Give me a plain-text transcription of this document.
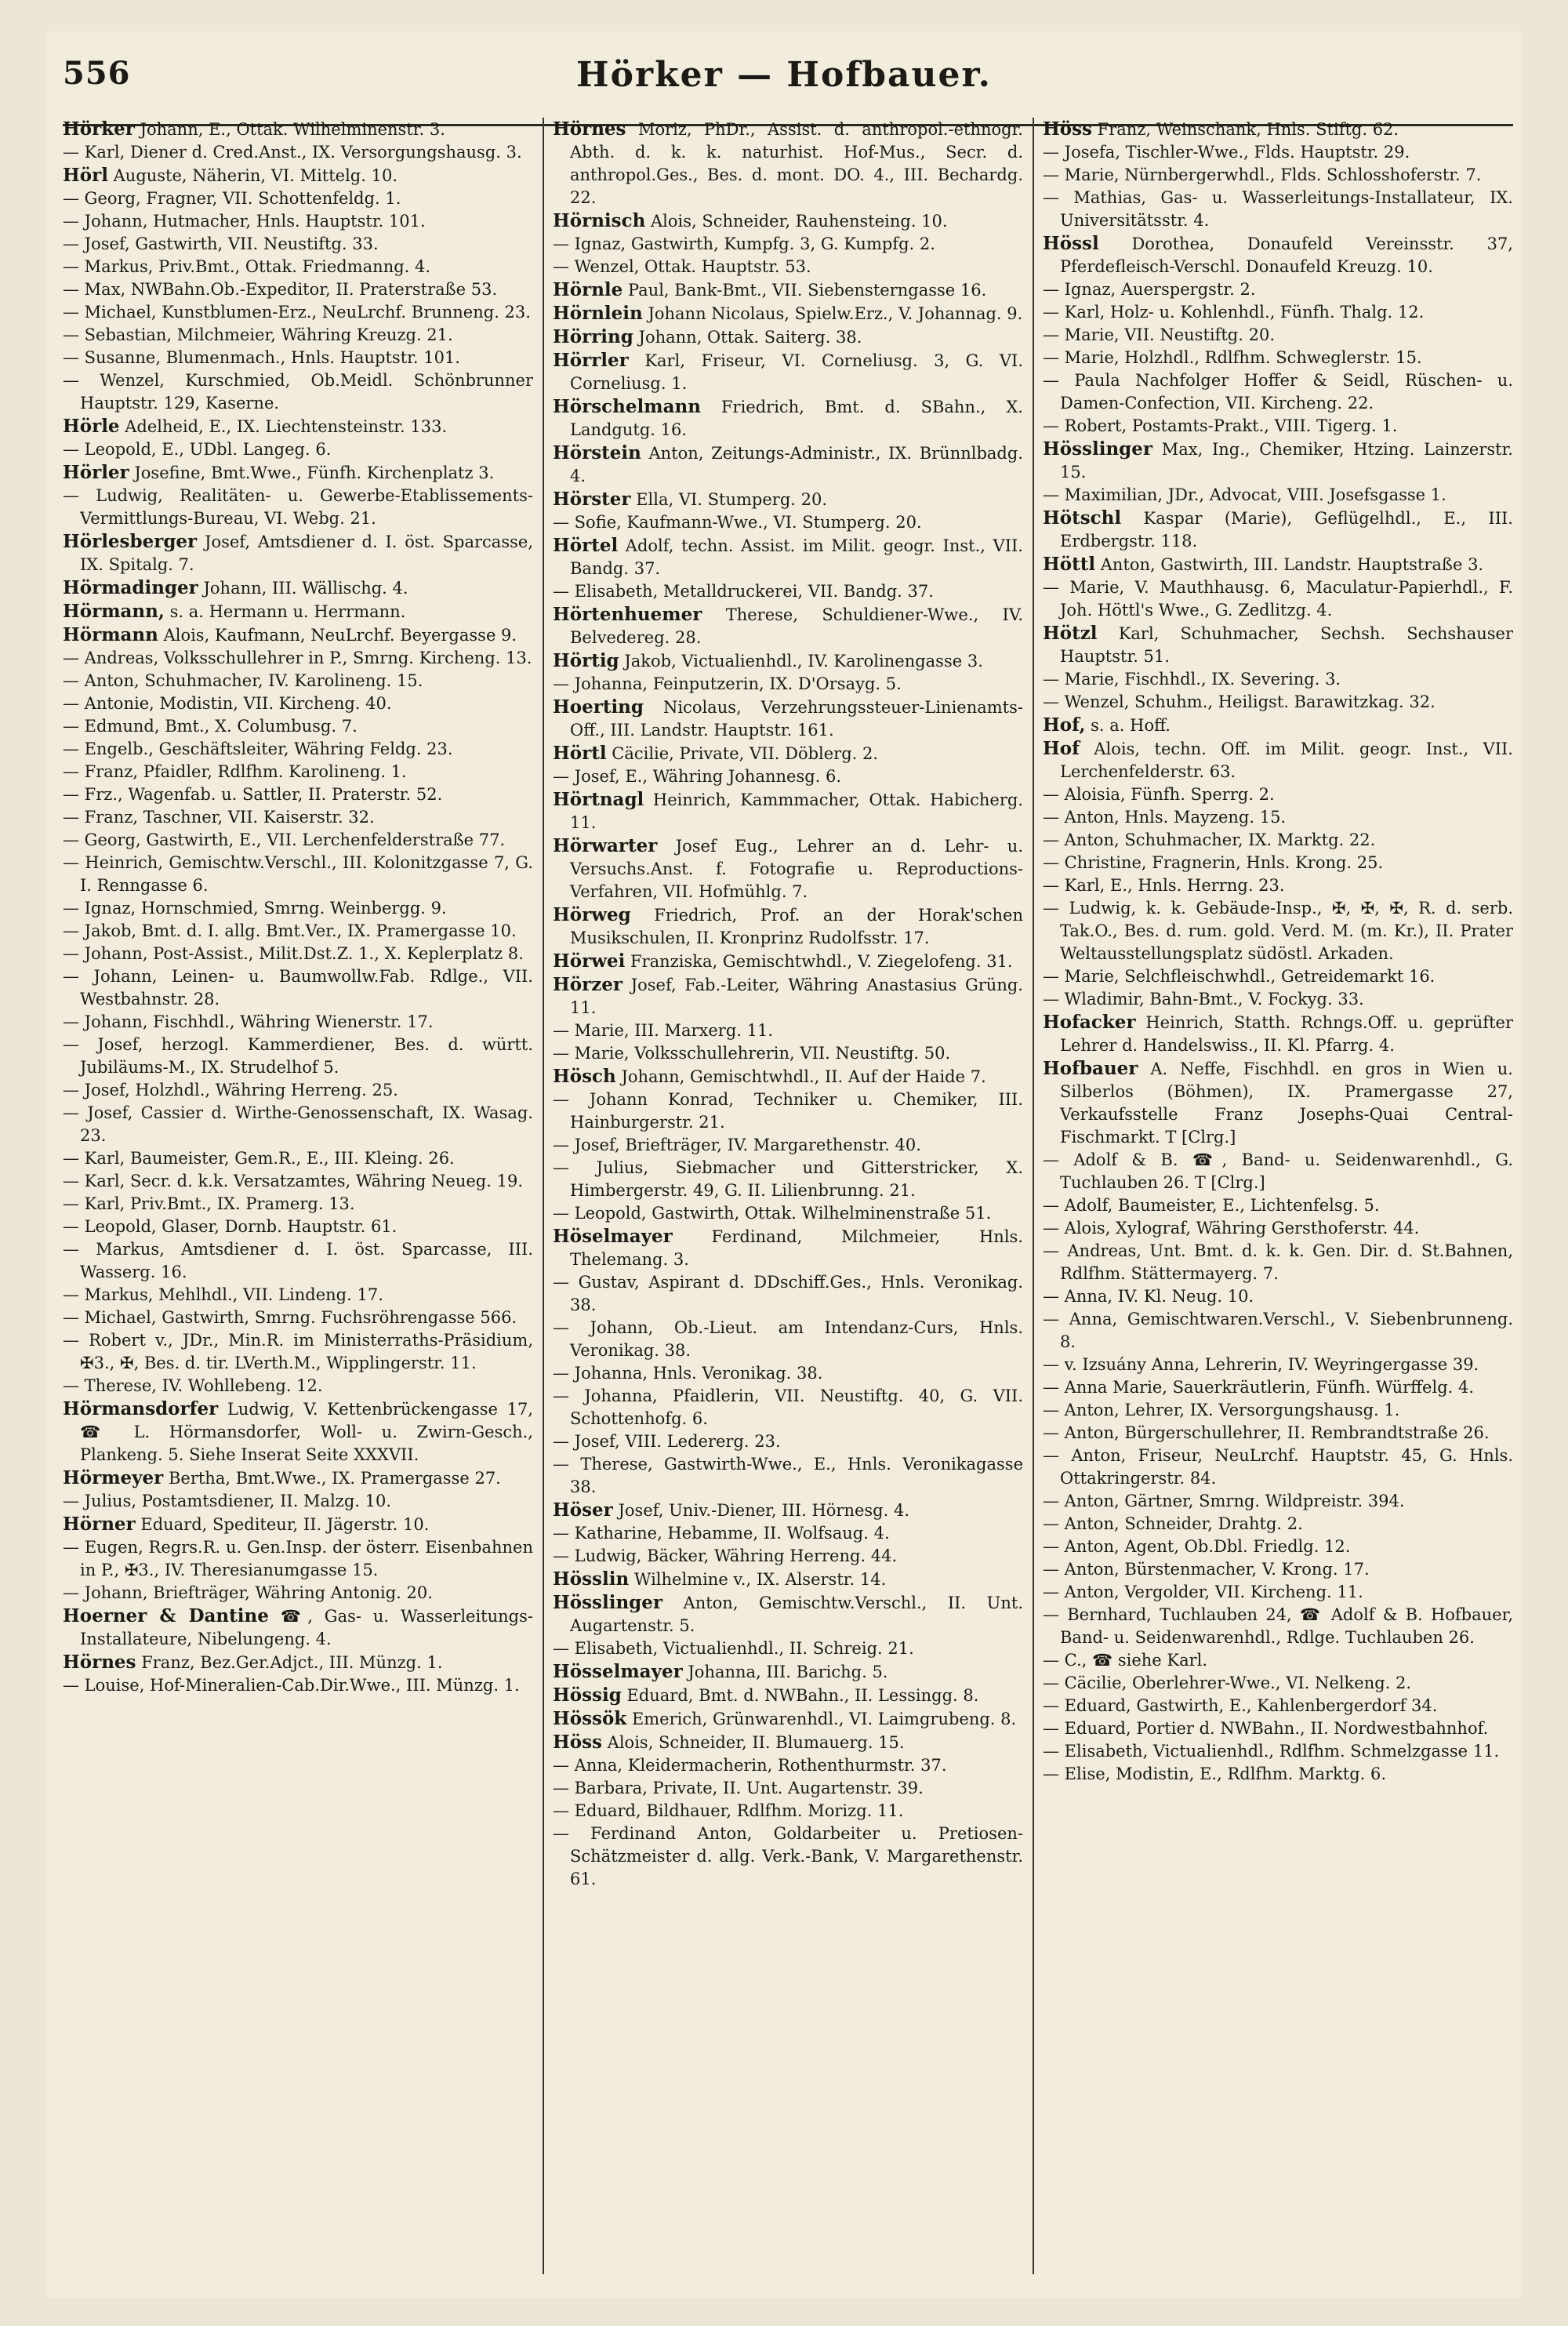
556	Hörker — Hofbauer.
Hörker Johann, E., Ottak. Wilhelminenstr. 3.
— Karl, Diener d. Cred.Anst., IX. Versorgungshausg. 3.
Hörl Auguste, Näherin, VI. Mittelg. 10.
— Georg, Fragner, VII. Schottenfeldg. 1.
— Johann, Hutmacher, Hnls. Hauptstr. 101.
— Josef, Gastwirth, VII. Neustiftg. 33.
— Markus, Priv.Bmt., Ottak. Friedmanng. 4.
— Max, NWBahn.Ob.-Expeditor, II. Praterstraße 53.
— Michael, Kunstblumen-Erz., NeuLrchf. Brunneng. 23.
— Sebastian, Milchmeier, Währing Kreuzg. 21.
— Susanne, Blumenmach., Hnls. Hauptstr. 101.
— Wenzel, Kurschmied, Ob.Meidl. Schönbrunner Hauptstr. 129, Kaserne.
Hörle Adelheid, E., IX. Liechtensteinstr. 133.
— Leopold, E., UDbl. Langeg. 6.
Hörler Josefine, Bmt.Wwe., Fünfh. Kirchenplatz 3.
— Ludwig, Realitäten- u. Gewerbe-Etablissements-Vermittlungs-Bureau, VI. Webg. 21.
Hörlesberger Josef, Amtsdiener d. I. öst. Sparcasse, IX. Spitalg. 7.
Hörmadinger Johann, III. Wällischg. 4.
Hörmann, s. a. Hermann u. Herrmann.
Hörmann Alois, Kaufmann, NeuLrchf. Beyergasse 9.
— Andreas, Volksschullehrer in P., Smrng. Kircheng. 13.
— Anton, Schuhmacher, IV. Karolineng. 15.
— Antonie, Modistin, VII. Kircheng. 40.
— Edmund, Bmt., X. Columbusg. 7.
— Engelb., Geschäftsleiter, Währing Feldg. 23.
— Franz, Pfaidler, Rdlfhm. Karolineng. 1.
— Frz., Wagenfab. u. Sattler, II. Praterstr. 52.
— Franz, Taschner, VII. Kaiserstr. 32.
— Georg, Gastwirth, E., VII. Lerchenfelderstraße 77.
— Heinrich, Gemischtw.Verschl., III. Kolonitzgasse 7, G. I. Renngasse 6.
— Ignaz, Hornschmied, Smrng. Weinbergg. 9.
— Jakob, Bmt. d. I. allg. Bmt.Ver., IX. Pramergasse 10.
— Johann, Post-Assist., Milit.Dst.Z. 1., X. Keplerplatz 8.
— Johann, Leinen- u. Baumwollw.Fab. Rdlge., VII. Westbahnstr. 28.
— Johann, Fischhdl., Währing Wienerstr. 17.
— Josef, herzogl. Kammerdiener, Bes. d. württ. Jubiläums-M., IX. Strudelhof 5.
— Josef, Holzhdl., Währing Herreng. 25.
— Josef, Cassier d. Wirthe-Genossenschaft, IX. Wasag. 23.
— Karl, Baumeister, Gem.R., E., III. Kleing. 26.
— Karl, Secr. d. k.k. Versatzamtes, Währing Neueg. 19.
— Karl, Priv.Bmt., IX. Pramerg. 13.
— Leopold, Glaser, Dornb. Hauptstr. 61.
— Markus, Amtsdiener d. I. öst. Sparcasse, III. Wasserg. 16.
— Markus, Mehlhdl., VII. Lindeng. 17.
— Michael, Gastwirth, Smrng. Fuchsröhrengasse 566.
— Robert v., JDr., Min.R. im Ministerraths-Präsidium, ✠3., ✠, Bes. d. tir. LVerth.M., Wipplingerstr. 11.
— Therese, IV. Wohllebeng. 12.
Hörmansdorfer Ludwig, V. Kettenbrückengasse 17, ☎ L. Hörmansdorfer, Woll- u. Zwirn-Gesch., Plankeng. 5. Siehe Inserat Seite XXXVII.
Hörmeyer Bertha, Bmt.Wwe., IX. Pramergasse 27.
— Julius, Postamtsdiener, II. Malzg. 10.
Hörner Eduard, Spediteur, II. Jägerstr. 10.
— Eugen, Regrs.R. u. Gen.Insp. der österr. Eisenbahnen in P., ✠3., IV. Theresianumgasse 15.
— Johann, Briefträger, Währing Antonig. 20.
Hoerner & Dantine ☎, Gas- u. Wasserleitungs-Installateure, Nibelungeng. 4.
Hörnes Franz, Bez.Ger.Adjct., III. Münzg. 1.
— Louise, Hof-Mineralien-Cab.Dir.Wwe., III. Münzg. 1.
Hörnes Moriz, PhDr., Assist. d. anthropol.-ethnogr. Abth. d. k. k. naturhist. Hof-Mus., Secr. d. anthropol.Ges., Bes. d. mont. DO. 4., III. Bechardg. 22.
Hörnisch Alois, Schneider, Rauhensteing. 10.
— Ignaz, Gastwirth, Kumpfg. 3, G. Kumpfg. 2.
— Wenzel, Ottak. Hauptstr. 53.
Hörnle Paul, Bank-Bmt., VII. Siebensterngasse 16.
Hörnlein Johann Nicolaus, Spielw.Erz., V. Johannag. 9.
Hörring Johann, Ottak. Saiterg. 38.
Hörrler Karl, Friseur, VI. Corneliusg. 3, G. VI. Corneliusg. 1.
Hörschelmann Friedrich, Bmt. d. SBahn., X. Landgutg. 16.
Hörstein Anton, Zeitungs-Administr., IX. Brünnlbadg. 4.
Hörster Ella, VI. Stumperg. 20.
— Sofie, Kaufmann-Wwe., VI. Stumperg. 20.
Hörtel Adolf, techn. Assist. im Milit. geogr. Inst., VII. Bandg. 37.
— Elisabeth, Metalldruckerei, VII. Bandg. 37.
Hörtenhuemer Therese, Schuldiener-Wwe., IV. Belvedereg. 28.
Hörtig Jakob, Victualienhdl., IV. Karolinengasse 3.
— Johanna, Feinputzerin, IX. D'Orsayg. 5.
Hoerting Nicolaus, Verzehrungssteuer-Linienamts-Off., III. Landstr. Hauptstr. 161.
Hörtl Cäcilie, Private, VII. Döblerg. 2.
— Josef, E., Währing Johannesg. 6.
Hörtnagl Heinrich, Kammmacher, Ottak. Habicherg. 11.
Hörwarter Josef Eug., Lehrer an d. Lehr- u. Versuchs.Anst. f. Fotografie u. Reproductions-Verfahren, VII. Hofmühlg. 7.
Hörweg Friedrich, Prof. an der Horak'schen Musikschulen, II. Kronprinz Rudolfsstr. 17.
Hörwei Franziska, Gemischtwhdl., V. Ziegelofeng. 31.
Hörzer Josef, Fab.-Leiter, Währing Anastasius Grüng. 11.
— Marie, III. Marxerg. 11.
— Marie, Volksschullehrerin, VII. Neustiftg. 50.
Hösch Johann, Gemischtwhdl., II. Auf der Haide 7.
— Johann Konrad, Techniker u. Chemiker, III. Hainburgerstr. 21.
— Josef, Briefträger, IV. Margarethenstr. 40.
— Julius, Siebmacher und Gitterstricker, X. Himbergerstr. 49, G. II. Lilienbrunng. 21.
— Leopold, Gastwirth, Ottak. Wilhelminenstraße 51.
Höselmayer Ferdinand, Milchmeier, Hnls. Thelemang. 3.
— Gustav, Aspirant d. DDschiff.Ges., Hnls. Veronikag. 38.
— Johann, Ob.-Lieut. am Intendanz-Curs, Hnls. Veronikag. 38.
— Johanna, Hnls. Veronikag. 38.
— Johanna, Pfaidlerin, VII. Neustiftg. 40, G. VII. Schottenhofg. 6.
— Josef, VIII. Ledererg. 23.
— Therese, Gastwirth-Wwe., E., Hnls. Veronikagasse 38.
Höser Josef, Univ.-Diener, III. Hörnesg. 4.
— Katharine, Hebamme, II. Wolfsaug. 4.
— Ludwig, Bäcker, Währing Herreng. 44.
Hösslin Wilhelmine v., IX. Alserstr. 14.
Hösslinger Anton, Gemischtw.Verschl., II. Unt. Augartenstr. 5.
— Elisabeth, Victualienhdl., II. Schreig. 21.
Hösselmayer Johanna, III. Barichg. 5.
Hössig Eduard, Bmt. d. NWBahn., II. Lessingg. 8.
Hössök Emerich, Grünwarenhdl., VI. Laimgrubeng. 8.
Höss Alois, Schneider, II. Blumauerg. 15.
— Anna, Kleidermacherin, Rothenthurmstr. 37.
— Barbara, Private, II. Unt. Augartenstr. 39.
— Eduard, Bildhauer, Rdlfhm. Morizg. 11.
— Ferdinand Anton, Goldarbeiter u. Pretiosen-Schätzmeister d. allg. Verk.-Bank, V. Margarethenstr. 61.
Höss Franz, Weinschank, Hnls. Stiftg. 62.
— Josefa, Tischler-Wwe., Flds. Hauptstr. 29.
— Marie, Nürnbergerwhdl., Flds. Schlosshoferstr. 7.
— Mathias, Gas- u. Wasserleitungs-Installateur, IX. Universitätsstr. 4.
Hössl Dorothea, Donaufeld Vereinsstr. 37, Pferdefleisch-Verschl. Donaufeld Kreuzg. 10.
— Ignaz, Auerspergstr. 2.
— Karl, Holz- u. Kohlenhdl., Fünfh. Thalg. 12.
— Marie, VII. Neustiftg. 20.
— Marie, Holzhdl., Rdlfhm. Schweglerstr. 15.
— Paula Nachfolger Hoffer & Seidl, Rüschen- u. Damen-Confection, VII. Kircheng. 22.
— Robert, Postamts-Prakt., VIII. Tigerg. 1.
Hösslinger Max, Ing., Chemiker, Htzing. Lainzerstr. 15.
— Maximilian, JDr., Advocat, VIII. Josefsgasse 1.
Hötschl Kaspar (Marie), Geflügelhdl., E., III. Erdbergstr. 118.
Höttl Anton, Gastwirth, III. Landstr. Hauptstraße 3.
— Marie, V. Mauthhausg. 6, Maculatur-Papierhdl., F. Joh. Höttl's Wwe., G. Zedlitzg. 4.
Hötzl Karl, Schuhmacher, Sechsh. Sechshauser Hauptstr. 51.
— Marie, Fischhdl., IX. Severing. 3.
— Wenzel, Schuhm., Heiligst. Barawitzkag. 32.
Hof, s. a. Hoff.
Hof Alois, techn. Off. im Milit. geogr. Inst., VII. Lerchenfelderstr. 63.
— Aloisia, Fünfh. Sperrg. 2.
— Anton, Hnls. Mayzeng. 15.
— Anton, Schuhmacher, IX. Marktg. 22.
— Christine, Fragnerin, Hnls. Krong. 25.
— Karl, E., Hnls. Herrng. 23.
— Ludwig, k. k. Gebäude-Insp., ✠, ✠, ✠, R. d. serb. Tak.O., Bes. d. rum. gold. Verd. M. (m. Kr.), II. Prater Weltausstellungsplatz südöstl. Arkaden.
— Marie, Selchfleischwhdl., Getreidemarkt 16.
— Wladimir, Bahn-Bmt., V. Fockyg. 33.
Hofacker Heinrich, Statth. Rchngs.Off. u. geprüfter Lehrer d. Handelswiss., II. Kl. Pfarrg. 4.
Hofbauer A. Neffe, Fischhdl. en gros in Wien u. Silberlos (Böhmen), IX. Pramergasse 27, Verkaufsstelle Franz Josephs-Quai Central-Fischmarkt. T [Clrg.]
— Adolf & B. ☎, Band- u. Seidenwarenhdl., G. Tuchlauben 26. T [Clrg.]
— Adolf, Baumeister, E., Lichtenfelsg. 5.
— Alois, Xylograf, Währing Gersthoferstr. 44.
— Andreas, Unt. Bmt. d. k. k. Gen. Dir. d. St.Bahnen, Rdlfhm. Stättermayerg. 7.
— Anna, IV. Kl. Neug. 10.
— Anna, Gemischtwaren.Verschl., V. Siebenbrunneng. 8.
— v. Izsuány Anna, Lehrerin, IV. Weyringergasse 39.
— Anna Marie, Sauerkräutlerin, Fünfh. Würffelg. 4.
— Anton, Lehrer, IX. Versorgungshausg. 1.
— Anton, Bürgerschullehrer, II. Rembrandtstraße 26.
— Anton, Friseur, NeuLrchf. Hauptstr. 45, G. Hnls. Ottakringerstr. 84.
— Anton, Gärtner, Smrng. Wildpreistr. 394.
— Anton, Schneider, Drahtg. 2.
— Anton, Agent, Ob.Dbl. Friedlg. 12.
— Anton, Bürstenmacher, V. Krong. 17.
— Anton, Vergolder, VII. Kircheng. 11.
— Bernhard, Tuchlauben 24, ☎ Adolf & B. Hofbauer, Band- u. Seidenwarenhdl., Rdlge. Tuchlauben 26.
— C., ☎ siehe Karl.
— Cäcilie, Oberlehrer-Wwe., VI. Nelkeng. 2.
— Eduard, Gastwirth, E., Kahlenbergerdorf 34.
— Eduard, Portier d. NWBahn., II. Nordwestbahnhof.
— Elisabeth, Victualienhdl., Rdlfhm. Schmelzgasse 11.
— Elise, Modistin, E., Rdlfhm. Marktg. 6.
